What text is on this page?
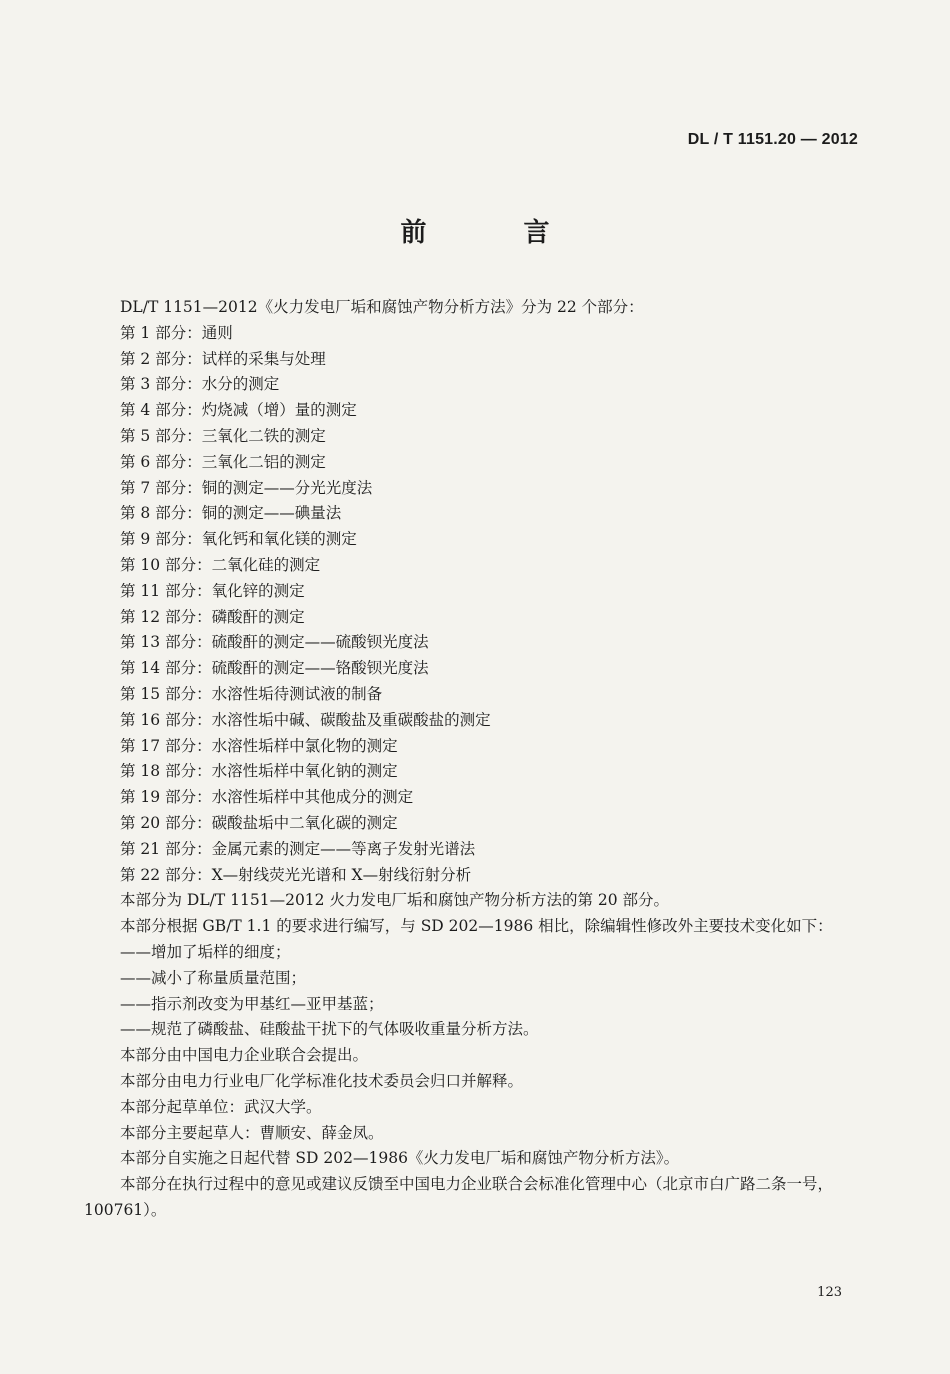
DL / T 1151.20 — 2012
前 言

DL/T 1151—2012《火力发电厂垢和腐蚀产物分析方法》分为 22 个部分：

第 1 部分：通则

第 2 部分：试样的采集与处理

第 3 部分：水分的测定

第 4 部分：灼烧减（增）量的测定

第 5 部分：三氧化二铁的测定

第 6 部分：三氧化二铝的测定

第 7 部分：铜的测定——分光光度法

第 8 部分：铜的测定——碘量法

第 9 部分：氧化钙和氧化镁的测定

第 10 部分：二氧化硅的测定

第 11 部分：氧化锌的测定

第 12 部分：磷酸酐的测定

第 13 部分：硫酸酐的测定——硫酸钡光度法

第 14 部分：硫酸酐的测定——铬酸钡光度法

第 15 部分：水溶性垢待测试液的制备

第 16 部分：水溶性垢中碱、碳酸盐及重碳酸盐的测定

第 17 部分：水溶性垢样中氯化物的测定

第 18 部分：水溶性垢样中氧化钠的测定

第 19 部分：水溶性垢样中其他成分的测定

第 20 部分：碳酸盐垢中二氧化碳的测定

第 21 部分：金属元素的测定——等离子发射光谱法

第 22 部分：X—射线荧光光谱和 X—射线衍射分析

本部分为 DL/T 1151—2012 火力发电厂垢和腐蚀产物分析方法的第 20 部分。

本部分根据 GB/T 1.1 的要求进行编写，与 SD 202—1986 相比，除编辑性修改外主要技术变化如下：

——增加了垢样的细度；

——减小了称量质量范围；

——指示剂改变为甲基红—亚甲基蓝；

——规范了磷酸盐、硅酸盐干扰下的气体吸收重量分析方法。

本部分由中国电力企业联合会提出。

本部分由电力行业电厂化学标准化技术委员会归口并解释。

本部分起草单位：武汉大学。

本部分主要起草人：曹顺安、薛金凤。

本部分自实施之日起代替 SD 202—1986《火力发电厂垢和腐蚀产物分析方法》。

本部分在执行过程中的意见或建议反馈至中国电力企业联合会标准化管理中心（北京市白广路二条一号，100761）。

123
